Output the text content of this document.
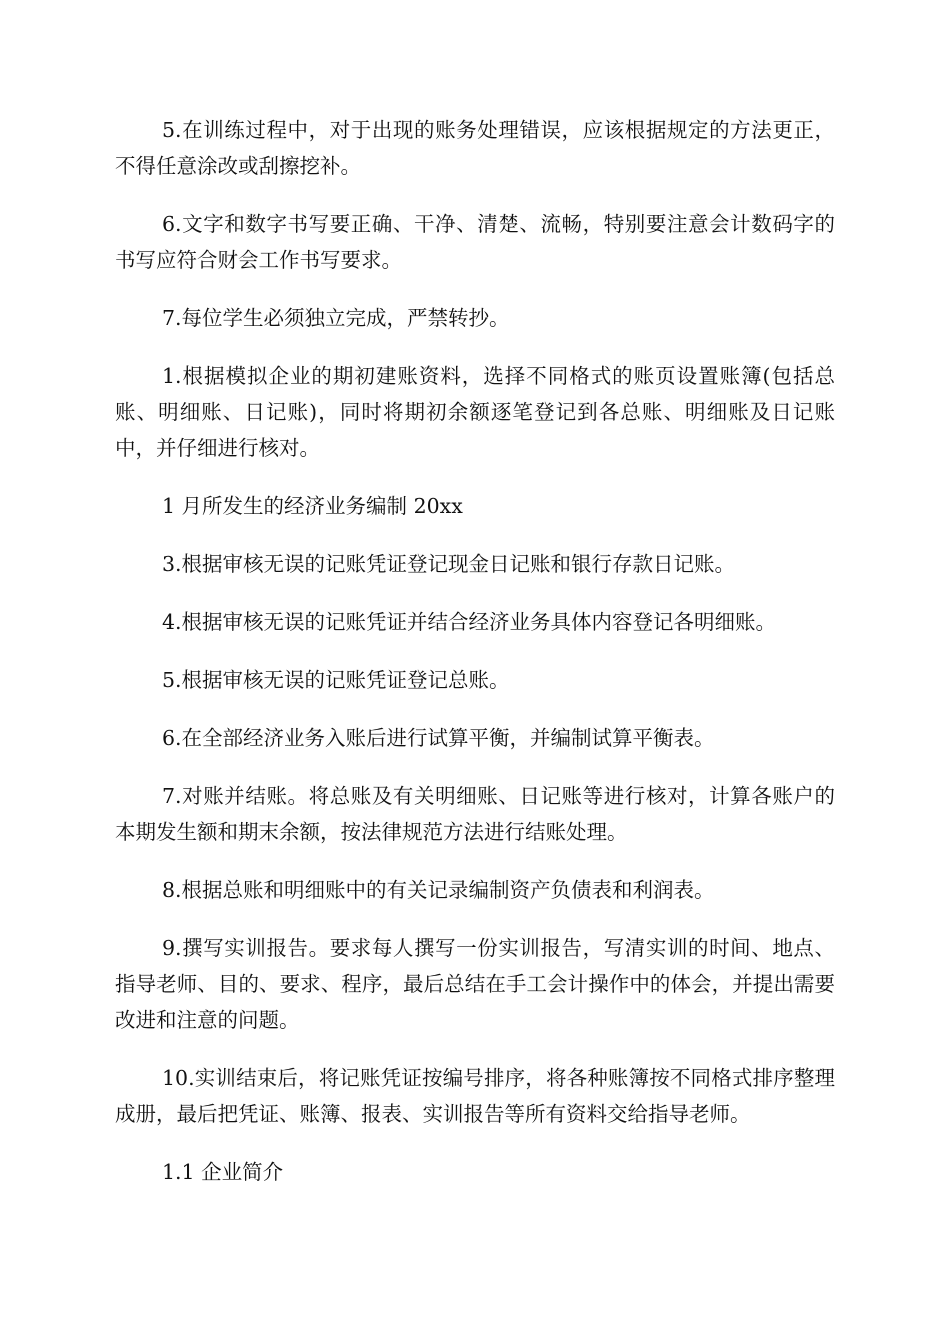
5.在训练过程中，对于出现的账务处理错误，应该根据规定的方法更正，不得任意涂改或刮擦挖补。

6.文字和数字书写要正确、干净、清楚、流畅，特别要注意会计数码字的书写应符合财会工作书写要求。

7.每位学生必须独立完成，严禁转抄。

1.根据模拟企业的期初建账资料，选择不同格式的账页设置账簿(包括总账、明细账、日记账)，同时将期初余额逐笔登记到各总账、明细账及日记账中，并仔细进行核对。

1 月所发生的经济业务编制 20xx

3.根据审核无误的记账凭证登记现金日记账和银行存款日记账。

4.根据审核无误的记账凭证并结合经济业务具体内容登记各明细账。

5.根据审核无误的记账凭证登记总账。

6.在全部经济业务入账后进行试算平衡，并编制试算平衡表。

7.对账并结账。将总账及有关明细账、日记账等进行核对，计算各账户的本期发生额和期末余额，按法律规范方法进行结账处理。

8.根据总账和明细账中的有关记录编制资产负债表和利润表。

9.撰写实训报告。要求每人撰写一份实训报告，写清实训的时间、地点、指导老师、目的、要求、程序，最后总结在手工会计操作中的体会，并提出需要改进和注意的问题。

10.实训结束后，将记账凭证按编号排序，将各种账簿按不同格式排序整理成册，最后把凭证、账簿、报表、实训报告等所有资料交给指导老师。

1.1 企业简介
